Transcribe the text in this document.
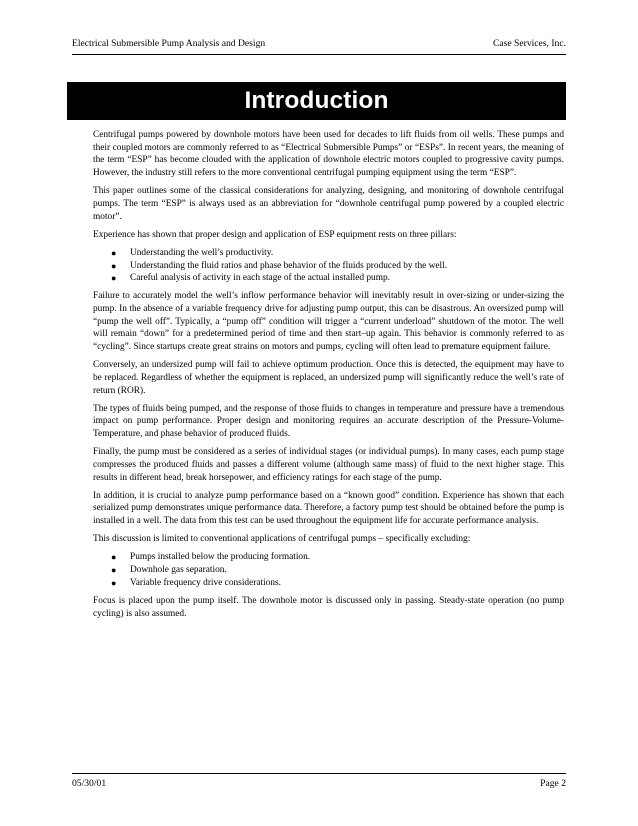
Electrical Submersible Pump Analysis and Design	Case Services, Inc.
Introduction

Centrifugal pumps powered by downhole motors have been used for decades to lift fluids from oil wells. These pumps and their coupled motors are commonly referred to as “Electrical Submersible Pumps” or “ESPs”. In recent years, the meaning of the term “ESP” has become clouded with the application of downhole electric motors coupled to progressive cavity pumps. However, the industry still refers to the more conventional centrifugal pumping equipment using the term “ESP”.

This paper outlines some of the classical considerations for analyzing, designing, and monitoring of downhole centrifugal pumps. The term “ESP” is always used as an abbreviation for “downhole centrifugal pump powered by a coupled electric motor”.

Experience has shown that proper design and application of ESP equipment rests on three pillars:

● Understanding the well’s productivity.
● Understanding the fluid ratios and phase behavior of the fluids produced by the well.
● Careful analysis of activity in each stage of the actual installed pump.

Failure to accurately model the well’s inflow performance behavior will inevitably result in over-sizing or under-sizing the pump. In the absence of a variable frequency drive for adjusting pump output, this can be disastrous. An oversized pump will “pump the well off”. Typically, a “pump off” condition will trigger a “current underload” shutdown of the motor. The well will remain “down” for a predetermined period of time and then start–up again. This behavior is commonly referred to as “cycling”. Since startups create great strains on motors and pumps, cycling will often lead to premature equipment failure.

Conversely, an undersized pump will fail to achieve optimum production. Once this is detected, the equipment may have to be replaced. Regardless of whether the equipment is replaced, an undersized pump will significantly reduce the well’s rate of return (ROR).

The types of fluids being pumped, and the response of those fluids to changes in temperature and pressure have a tremendous impact on pump performance. Proper design and monitoring requires an accurate description of the Pressure-Volume-Temperature, and phase behavior of produced fluids.

Finally, the pump must be considered as a series of individual stages (or individual pumps). In many cases, each pump stage compresses the produced fluids and passes a different volume (although same mass) of fluid to the next higher stage. This results in different head, break horsepower, and efficiency ratings for each stage of the pump.

In addition, it is crucial to analyze pump performance based on a “known good” condition. Experience has shown that each serialized pump demonstrates unique performance data. Therefore, a factory pump test should be obtained before the pump is installed in a well. The data from this test can be used throughout the equipment life for accurate performance analysis.

This discussion is limited to conventional applications of centrifugal pumps – specifically excluding:

● Pumps installed below the producing formation.
● Downhole gas separation.
● Variable frequency drive considerations.

Focus is placed upon the pump itself. The downhole motor is discussed only in passing. Steady-state operation (no pump cycling) is also assumed.

05/30/01	Page 2
